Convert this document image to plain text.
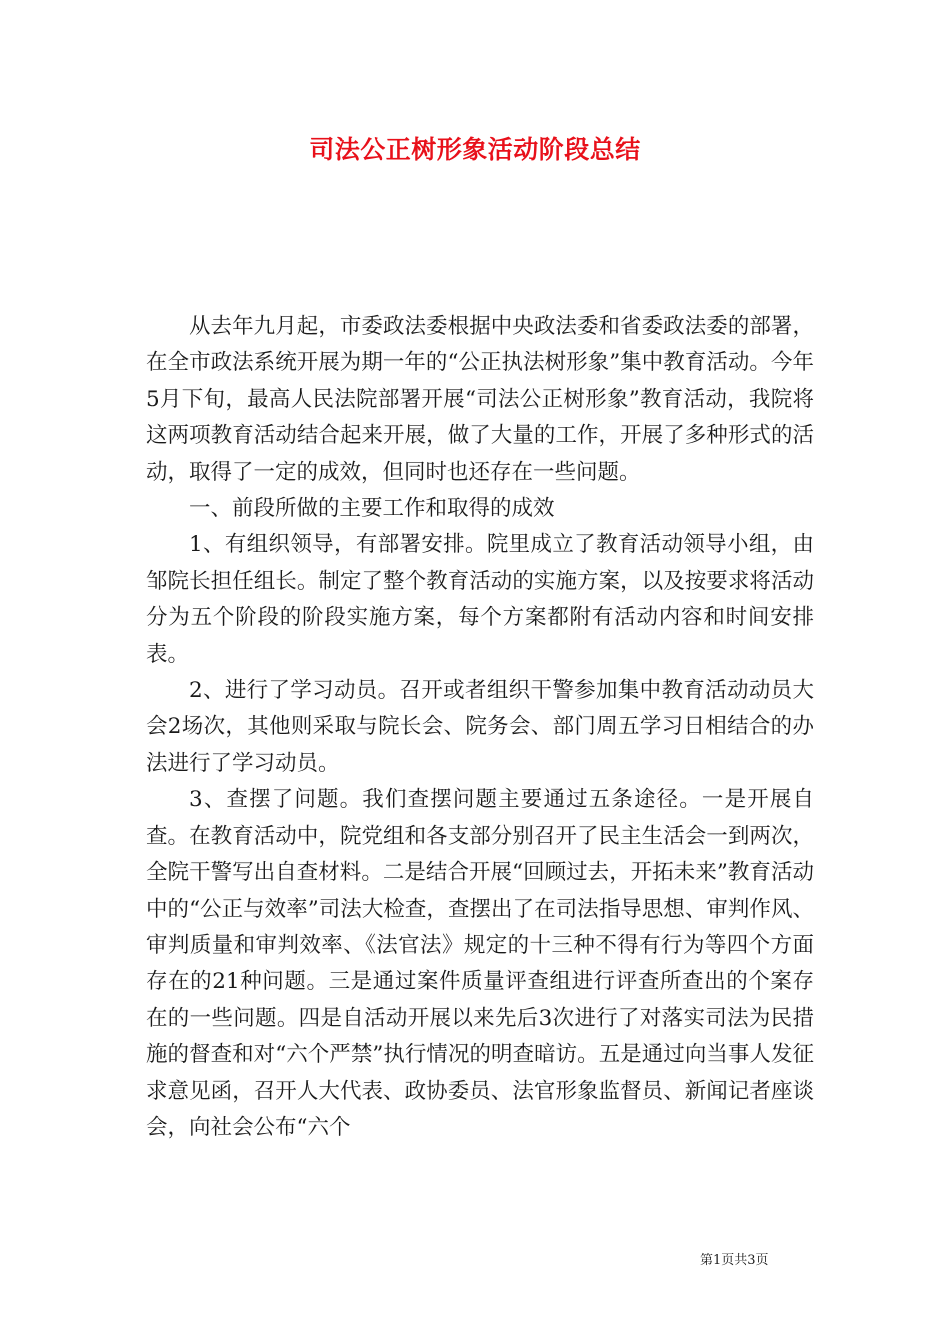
司法公正树形象活动阶段总结

从去年九月起，市委政法委根据中央政法委和省委政法委的部署，在全市政法系统开展为期一年的“公正执法树形象”集中教育活动。今年5月下旬，最高人民法院部署开展“司法公正树形象”教育活动，我院将这两项教育活动结合起来开展，做了大量的工作，开展了多种形式的活动，取得了一定的成效，但同时也还存在一些问题。

一、前段所做的主要工作和取得的成效

1、有组织领导，有部署安排。院里成立了教育活动领导小组，由邹院长担任组长。制定了整个教育活动的实施方案，以及按要求将活动分为五个阶段的阶段实施方案，每个方案都附有活动内容和时间安排表。

2、进行了学习动员。召开或者组织干警参加集中教育活动动员大会2场次，其他则采取与院长会、院务会、部门周五学习日相结合的办法进行了学习动员。

3、查摆了问题。我们查摆问题主要通过五条途径。一是开展自查。在教育活动中，院党组和各支部分别召开了民主生活会一到两次，全院干警写出自查材料。二是结合开展“回顾过去，开拓未来”教育活动中的“公正与效率”司法大检查，查摆出了在司法指导思想、审判作风、审判质量和审判效率、《法官法》规定的十三种不得有行为等四个方面存在的21种问题。三是通过案件质量评查组进行评查所查出的个案存在的一些问题。四是自活动开展以来先后3次进行了对落实司法为民措施的督查和对“六个严禁”执行情况的明查暗访。五是通过向当事人发征求意见函，召开人大代表、政协委员、法官形象监督员、新闻记者座谈会，向社会公布“六个

第1页共3页
